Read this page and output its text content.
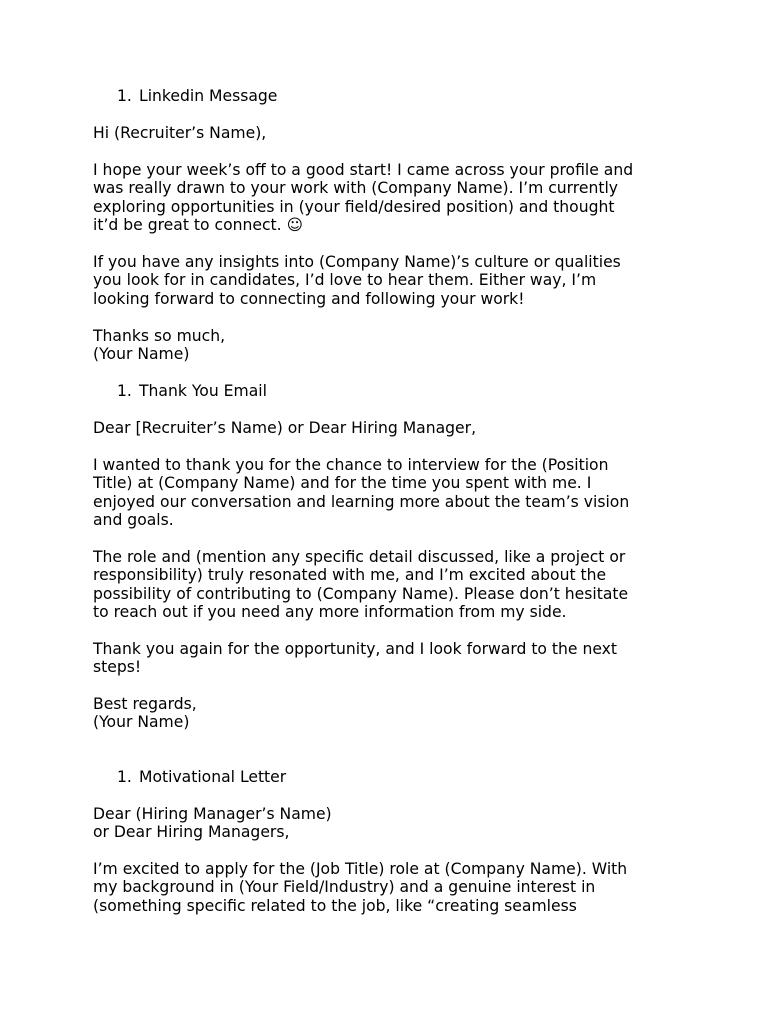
1. Linkedin Message
Hi (Recruiter’s Name),
I hope your week’s off to a good start! I came across your profile and
was really drawn to your work with (Company Name). I’m currently
exploring opportunities in (your field/desired position) and thought
it’d be great to connect. ☺
If you have any insights into (Company Name)’s culture or qualities
you look for in candidates, I’d love to hear them. Either way, I’m
looking forward to connecting and following your work!
Thanks so much,
(Your Name)
1. Thank You Email
Dear [Recruiter’s Name) or Dear Hiring Manager,
I wanted to thank you for the chance to interview for the (Position
Title) at (Company Name) and for the time you spent with me. I
enjoyed our conversation and learning more about the team’s vision
and goals.
The role and (mention any specific detail discussed, like a project or
responsibility) truly resonated with me, and I’m excited about the
possibility of contributing to (Company Name). Please don’t hesitate
to reach out if you need any more information from my side.
Thank you again for the opportunity, and I look forward to the next
steps!
Best regards,
(Your Name)
1. Motivational Letter
Dear (Hiring Manager’s Name)
or Dear Hiring Managers,
I’m excited to apply for the (Job Title) role at (Company Name). With
my background in (Your Field/Industry) and a genuine interest in
(something specific related to the job, like “creating seamless
